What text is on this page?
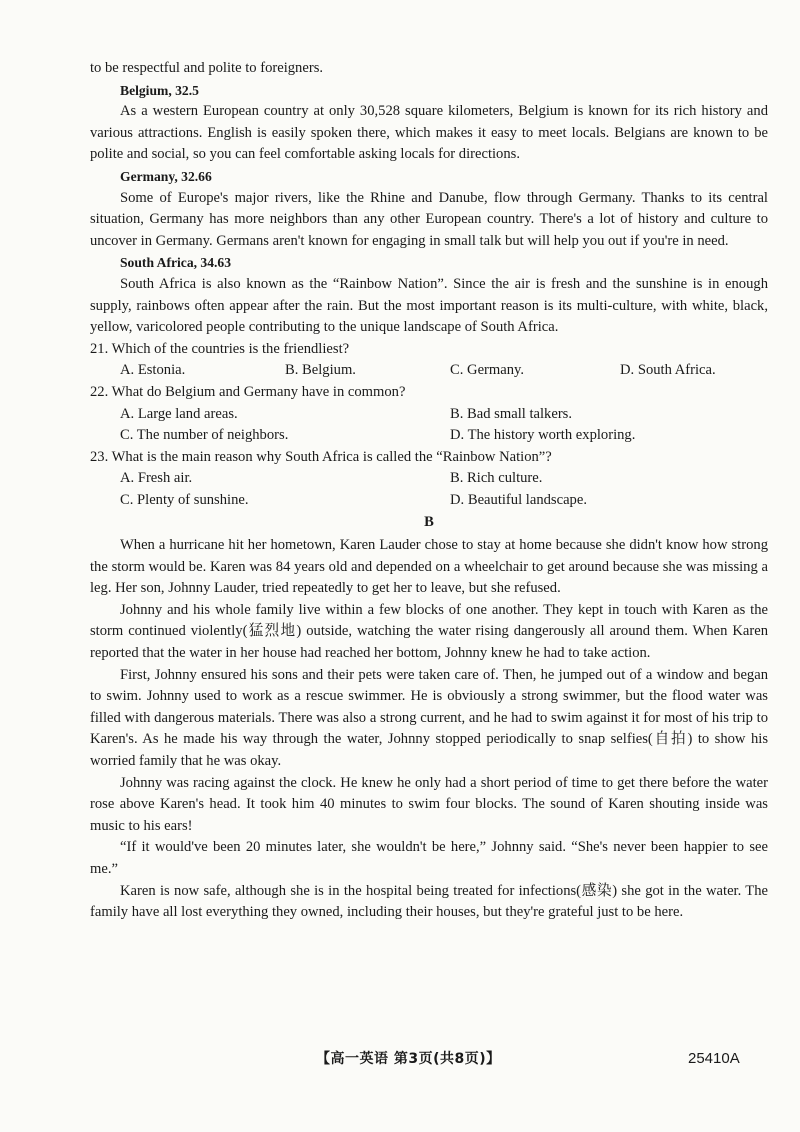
to be respectful and polite to foreigners.

Belgium, 32.5

As a western European country at only 30,528 square kilometers, Belgium is known for its rich history and various attractions. English is easily spoken there, which makes it easy to meet locals. Belgians are known to be polite and social, so you can feel comfortable asking locals for directions.

Germany, 32.66

Some of Europe's major rivers, like the Rhine and Danube, flow through Germany. Thanks to its central situation, Germany has more neighbors than any other European country. There's a lot of history and culture to uncover in Germany. Germans aren't known for engaging in small talk but will help you out if you're in need.

South Africa, 34.63

South Africa is also known as the “Rainbow Nation”. Since the air is fresh and the sunshine is in enough supply, rainbows often appear after the rain. But the most important reason is its multi-culture, with white, black, yellow, varicolored people contributing to the unique landscape of South Africa.

21. Which of the countries is the friendliest?

A. Estonia.	B. Belgium.	C. Germany.	D. South Africa.

22. What do Belgium and Germany have in common?

A. Large land areas.	B. Bad small talkers.
C. The number of neighbors.	D. The history worth exploring.

23. What is the main reason why South Africa is called the “Rainbow Nation”?

A. Fresh air.	B. Rich culture.
C. Plenty of sunshine.	D. Beautiful landscape.

B

When a hurricane hit her hometown, Karen Lauder chose to stay at home because she didn't know how strong the storm would be. Karen was 84 years old and depended on a wheelchair to get around because she was missing a leg. Her son, Johnny Lauder, tried repeatedly to get her to leave, but she refused.

Johnny and his whole family live within a few blocks of one another. They kept in touch with Karen as the storm continued violently(猛烈地) outside, watching the water rising dangerously all around them. When Karen reported that the water in her house had reached her bottom, Johnny knew he had to take action.

First, Johnny ensured his sons and their pets were taken care of. Then, he jumped out of a window and began to swim. Johnny used to work as a rescue swimmer. He is obviously a strong swimmer, but the flood water was filled with dangerous materials. There was also a strong current, and he had to swim against it for most of his trip to Karen's. As he made his way through the water, Johnny stopped periodically to snap selfies(自拍) to show his worried family that he was okay.

Johnny was racing against the clock. He knew he only had a short period of time to get there before the water rose above Karen's head. It took him 40 minutes to swim four blocks. The sound of Karen shouting inside was music to his ears!

“If it would've been 20 minutes later, she wouldn't be here,” Johnny said. “She's never been happier to see me.”

Karen is now safe, although she is in the hospital being treated for infections(感染) she got in the water. The family have all lost everything they owned, including their houses, but they're grateful just to be here.

【高一英语 第3页(共8页)】	25410A
